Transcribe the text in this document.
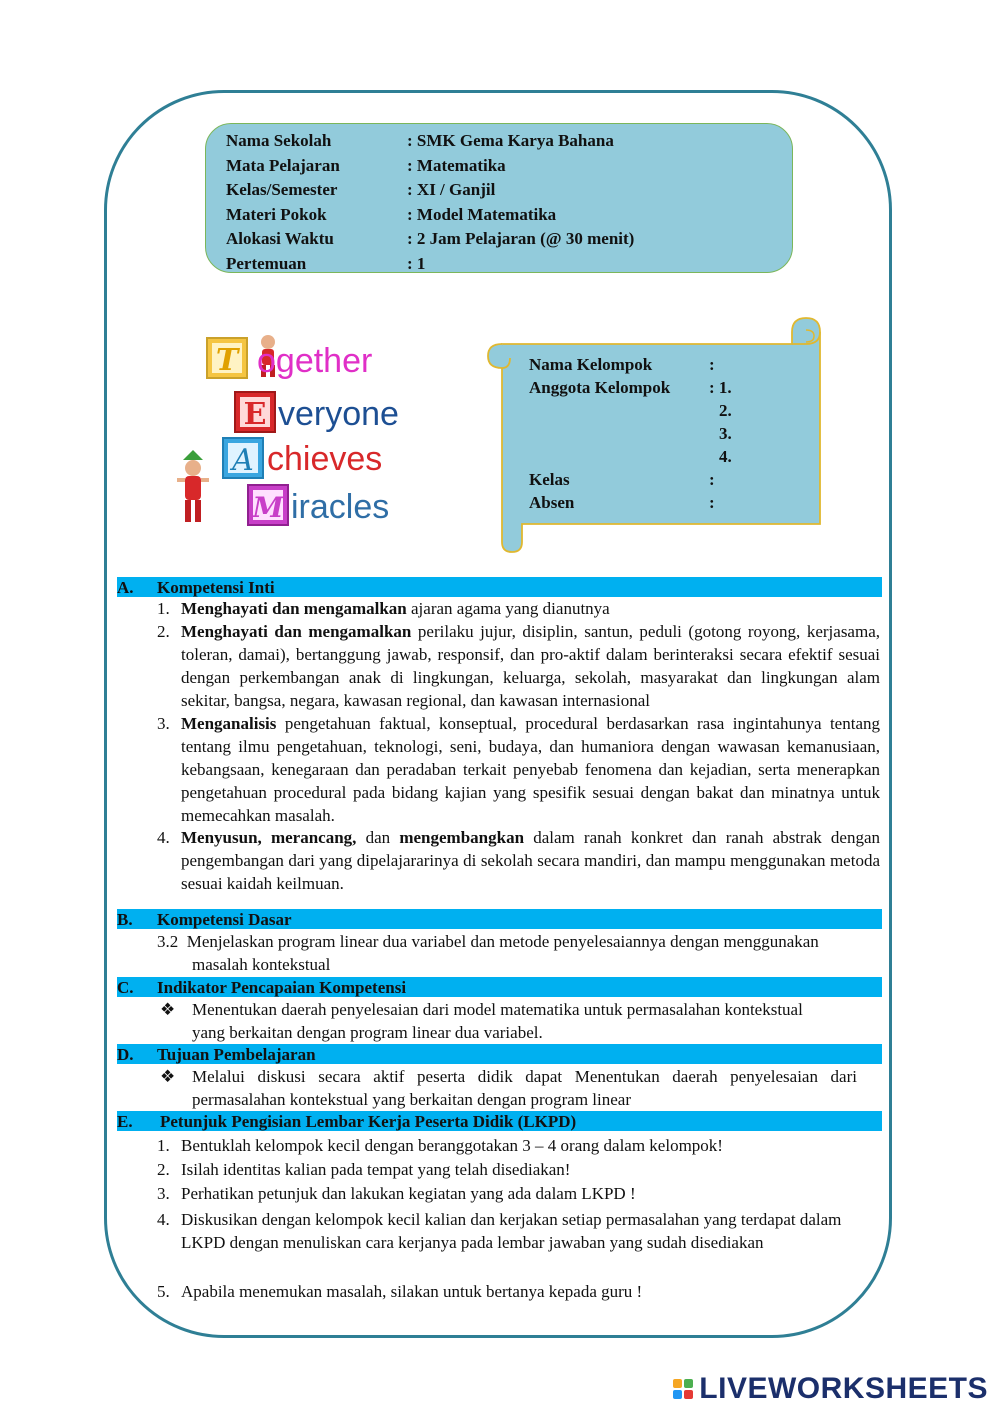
Nama Sekolah	: SMK Gema Karya Bahana
Mata Pelajaran	: Matematika
Kelas/Semester	: XI / Ganjil
Materi Pokok	: Model Matematika
Alokasi Waktu	: 2 Jam Pelajaran (@ 30 menit)
Pertemuan	: 1
T
E
A
M
ogether
veryone
chieves
iracles
Nama Kelompok	:
Anggota Kelompok	: 1.
2.
3.
4.
Kelas	:
Absen	:
A.	Kompetensi Inti
1. Menghayati dan mengamalkan ajaran agama yang dianutnya
2. Menghayati dan mengamalkan perilaku jujur, disiplin, santun, peduli (gotong royong, kerjasama, toleran, damai), bertanggung jawab, responsif, dan pro-aktif dalam berinteraksi secara efektif sesuai dengan perkembangan anak di lingkungan, keluarga, sekolah, masyarakat dan lingkungan alam sekitar, bangsa, negara, kawasan regional, dan kawasan internasional
3. Menganalisis pengetahuan faktual, konseptual, procedural berdasarkan rasa ingintahunya tentang tentang ilmu pengetahuan, teknologi, seni, budaya, dan humaniora dengan wawasan kemanusiaan, kebangsaan, kenegaraan dan peradaban terkait penyebab fenomena dan kejadian, serta menerapkan pengetahuan procedural pada bidang kajian yang spesifik sesuai dengan bakat dan minatnya untuk memecahkan masalah.
4. Menyusun, merancang, dan mengembangkan dalam ranah konkret dan ranah abstrak dengan pengembangan dari yang dipelajararinya di sekolah secara mandiri, dan mampu menggunakan metoda sesuai kaidah keilmuan.
B.	Kompetensi Dasar
3.2 Menjelaskan program linear dua variabel dan metode penyelesaiannya dengan menggunakan
masalah kontekstual
C.	Indikator Pencapaian Kompetensi
❖ Menentukan daerah penyelesaian dari model matematika untuk permasalahan kontekstual
yang berkaitan dengan program linear dua variabel.
D.	Tujuan Pembelajaran
❖ Melalui diskusi secara aktif peserta didik dapat Menentukan daerah penyelesaian dari
permasalahan kontekstual yang berkaitan dengan program linear
E.	Petunjuk Pengisian Lembar Kerja Peserta Didik (LKPD)
1. Bentuklah kelompok kecil dengan beranggotakan 3 – 4 orang dalam kelompok!
2. Isilah identitas kalian pada tempat yang telah disediakan!
3. Perhatikan petunjuk dan lakukan kegiatan yang ada dalam LKPD !
4. Diskusikan dengan kelompok kecil kalian dan kerjakan setiap permasalahan yang terdapat dalam LKPD dengan menuliskan cara kerjanya pada lembar jawaban yang sudah disediakan
5. Apabila menemukan masalah, silakan untuk bertanya kepada guru !
LIVEWORKSHEETS
